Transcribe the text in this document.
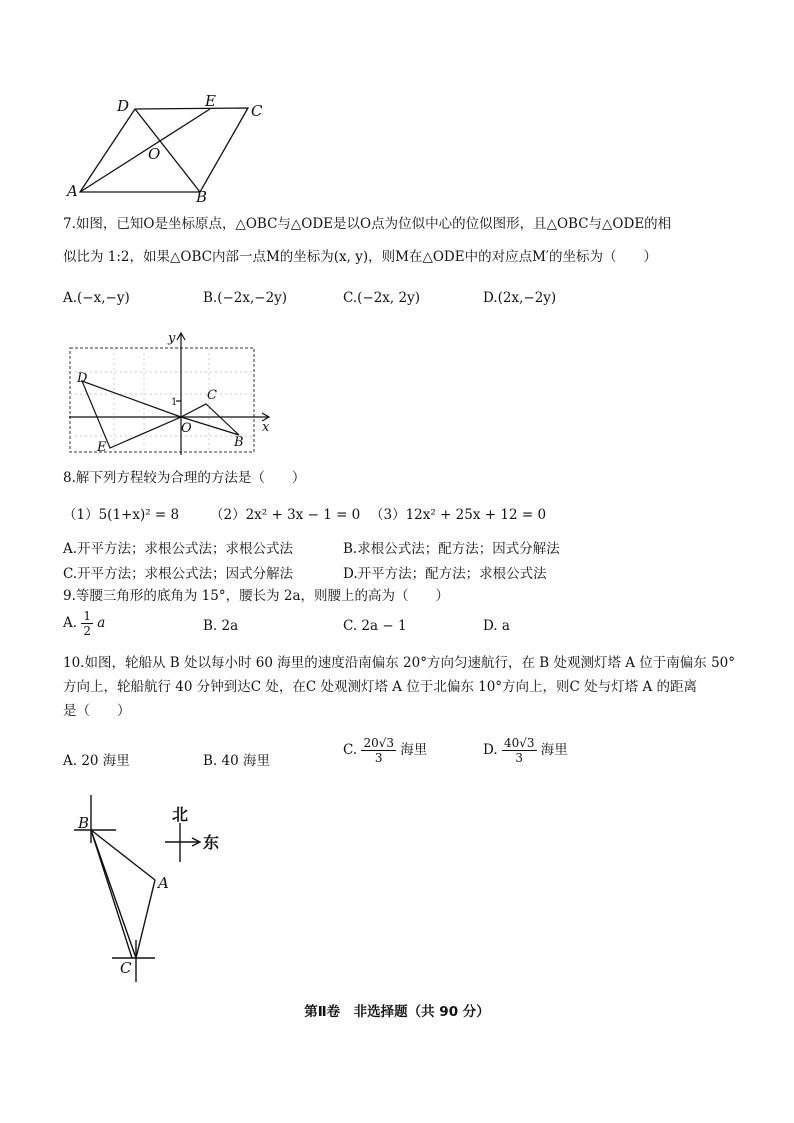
D	E
C
O
A	B
7.如图，已知O是坐标原点，△OBC与△ODE是以O点为位似中心的位似图形，且△OBC与△ODE的相
似比为 1:2，如果△OBC内部一点M的坐标为(x, y)，则M在△ODE中的对应点M′的坐标为（　　）
A.(−x,−y)	B.(−2x,−2y)	C.(−2x, 2y)	D.(2x,−2y)
y
x
D
C
O
E	B
1
8.解下列方程较为合理的方法是（　　）
（1）5(1+x)² = 8 （2）2x² + 3x − 1 = 0 （3）12x² + 25x + 12 = 0
A.开平方法；求根公式法；求根公式法	B.求根公式法；配方法；因式分解法
C.开平方法；求根公式法；因式分解法	D.开平方法；配方法；求根公式法
9.等腰三角形的底角为 15°，腰长为 2a，则腰上的高为（　　）
A. $\frac{1}{2}$ a	B. 2a	C. 2a − 1	D. a
10.如图，轮船从 B 处以每小时 60 海里的速度沿南偏东 20°方向匀速航行，在 B 处观测灯塔 A 位于南偏东 50°
方向上，轮船航行 40 分钟到达C 处，在C 处观测灯塔 A 位于北偏东 10°方向上，则C 处与灯塔 A 的距离
是（　　）
A. 20 海里	B. 40 海里
C. $\frac{20√3}{3}$ 海里	D. $\frac{40√3}{3}$ 海里
B
A
C
北
东
第Ⅱ卷　非选择题（共 90 分）
